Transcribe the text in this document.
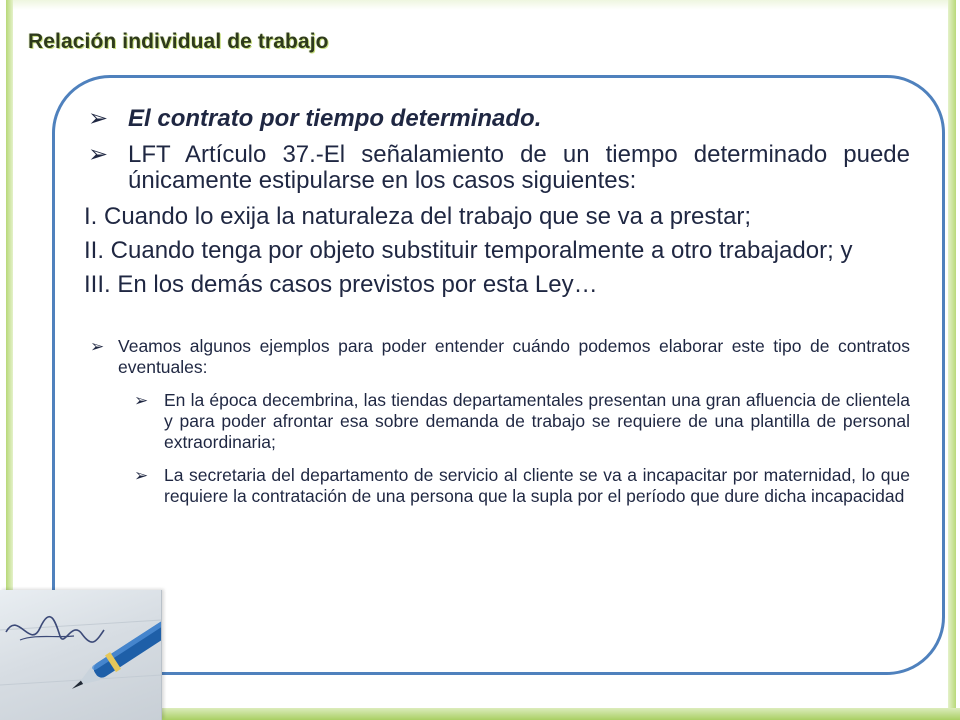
Relación individual de trabajo
➢ El contrato por tiempo determinado.
➢ LFT Artículo 37.-El señalamiento de un tiempo determinado puede únicamente estipularse en los casos siguientes:
I. Cuando lo exija la naturaleza del trabajo que se va a prestar;
II. Cuando tenga por objeto substituir temporalmente a otro trabajador; y
III. En los demás casos previstos por esta Ley…
➢ Veamos algunos ejemplos para poder entender cuándo podemos elaborar este tipo de contratos eventuales:
➢ En la época decembrina, las tiendas departamentales presentan una gran afluencia de clientela y para poder afrontar esa sobre demanda de trabajo se requiere de una plantilla de personal extraordinaria;
➢ La secretaria del departamento de servicio al cliente se va a incapacitar por maternidad, lo que requiere la contratación de una persona que la supla por el período que dure dicha incapacidad
